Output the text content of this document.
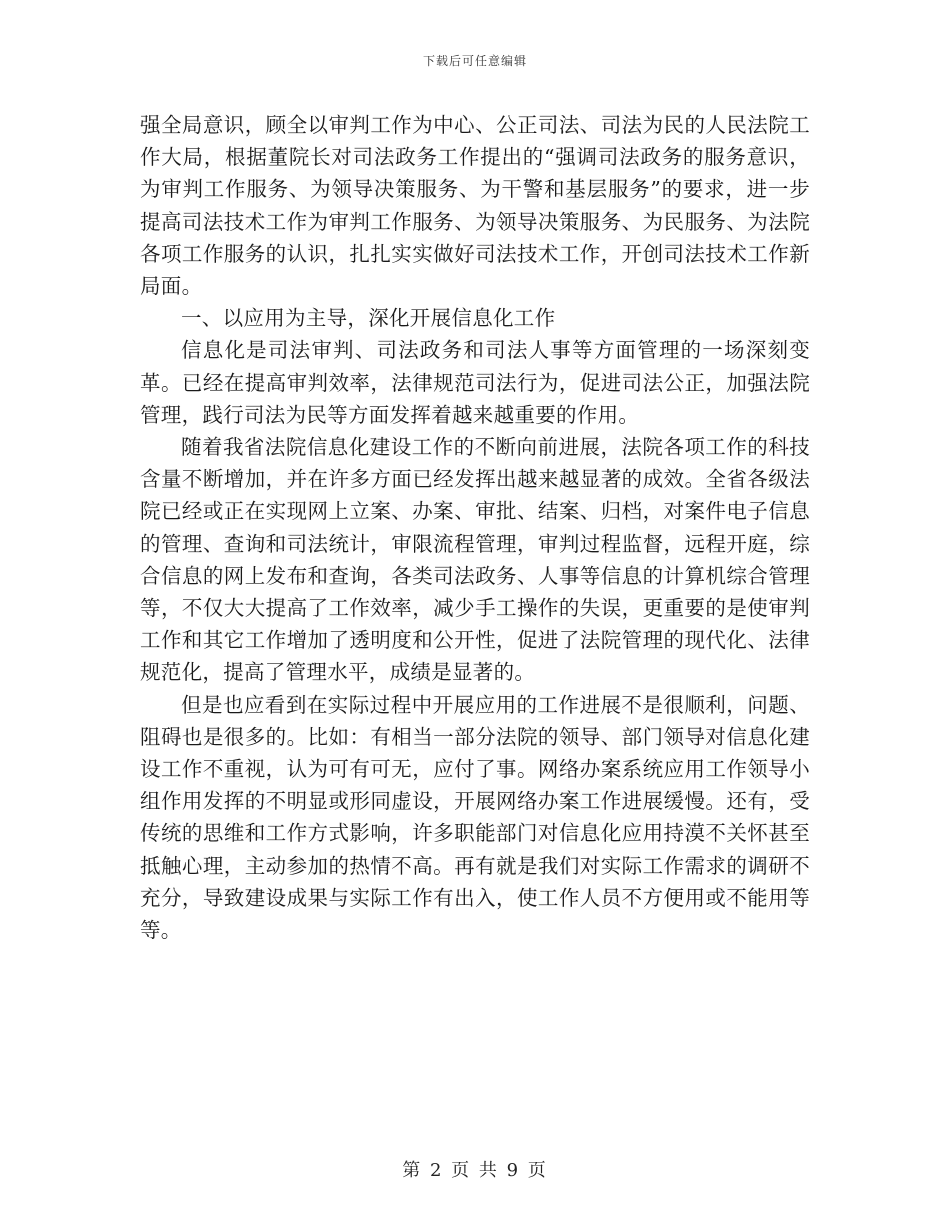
下载后可任意编辑

强全局意识，顾全以审判工作为中心、公正司法、司法为民的人民法院工作大局，根据董院长对司法政务工作提出的“强调司法政务的服务意识，为审判工作服务、为领导决策服务、为干警和基层服务”的要求，进一步提高司法技术工作为审判工作服务、为领导决策服务、为民服务、为法院各项工作服务的认识，扎扎实实做好司法技术工作，开创司法技术工作新局面。

一、以应用为主导，深化开展信息化工作

信息化是司法审判、司法政务和司法人事等方面管理的一场深刻变革。已经在提高审判效率，法律规范司法行为，促进司法公正，加强法院管理，践行司法为民等方面发挥着越来越重要的作用。

随着我省法院信息化建设工作的不断向前进展，法院各项工作的科技含量不断增加，并在许多方面已经发挥出越来越显著的成效。全省各级法院已经或正在实现网上立案、办案、审批、结案、归档，对案件电子信息的管理、查询和司法统计，审限流程管理，审判过程监督，远程开庭，综合信息的网上发布和查询，各类司法政务、人事等信息的计算机综合管理等，不仅大大提高了工作效率，减少手工操作的失误，更重要的是使审判工作和其它工作增加了透明度和公开性，促进了法院管理的现代化、法律规范化，提高了管理水平，成绩是显著的。

但是也应看到在实际过程中开展应用的工作进展不是很顺利，问题、阻碍也是很多的。比如：有相当一部分法院的领导、部门领导对信息化建设工作不重视，认为可有可无，应付了事。网络办案系统应用工作领导小组作用发挥的不明显或形同虚设，开展网络办案工作进展缓慢。还有，受传统的思维和工作方式影响，许多职能部门对信息化应用持漠不关怀甚至抵触心理，主动参加的热情不高。再有就是我们对实际工作需求的调研不充分，导致建设成果与实际工作有出入，使工作人员不方便用或不能用等等。

第 2 页 共 9 页
